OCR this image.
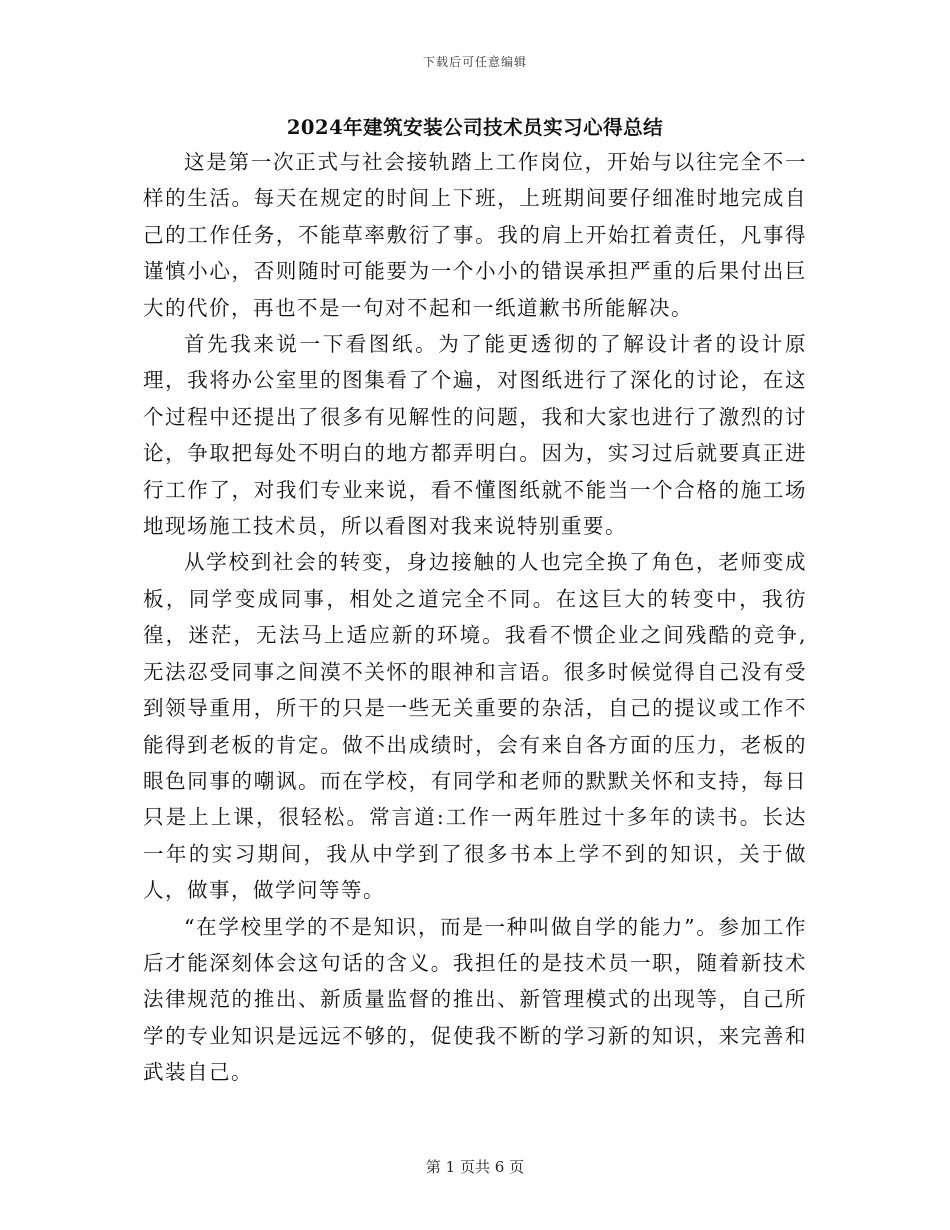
下载后可任意编辑
2024年建筑安装公司技术员实习心得总结

这是第一次正式与社会接轨踏上工作岗位，开始与以往完全不一样的生活。每天在规定的时间上下班，上班期间要仔细准时地完成自己的工作任务，不能草率敷衍了事。我的肩上开始扛着责任，凡事得谨慎小心，否则随时可能要为一个小小的错误承担严重的后果付出巨大的代价，再也不是一句对不起和一纸道歉书所能解决。

首先我来说一下看图纸。为了能更透彻的了解设计者的设计原理，我将办公室里的图集看了个遍，对图纸进行了深化的讨论，在这个过程中还提出了很多有见解性的问题，我和大家也进行了激烈的讨论，争取把每处不明白的地方都弄明白。因为，实习过后就要真正进行工作了，对我们专业来说，看不懂图纸就不能当一个合格的施工场地现场施工技术员，所以看图对我来说特别重要。

从学校到社会的转变，身边接触的人也完全换了角色，老师变成板，同学变成同事，相处之道完全不同。在这巨大的转变中，我彷徨，迷茫，无法马上适应新的环境。我看不惯企业之间残酷的竞争,无法忍受同事之间漠不关怀的眼神和言语。很多时候觉得自己没有受到领导重用，所干的只是一些无关重要的杂活，自己的提议或工作不能得到老板的肯定。做不出成绩时，会有来自各方面的压力，老板的眼色同事的嘲讽。而在学校，有同学和老师的默默关怀和支持，每日只是上上课，很轻松。常言道:工作一两年胜过十多年的读书。长达一年的实习期间，我从中学到了很多书本上学不到的知识，关于做人，做事，做学问等等。

“在学校里学的不是知识，而是一种叫做自学的能力”。参加工作后才能深刻体会这句话的含义。我担任的是技术员一职，随着新技术法律规范的推出、新质量监督的推出、新管理模式的出现等，自己所学的专业知识是远远不够的，促使我不断的学习新的知识，来完善和武装自己。

第 1 页共 6 页
